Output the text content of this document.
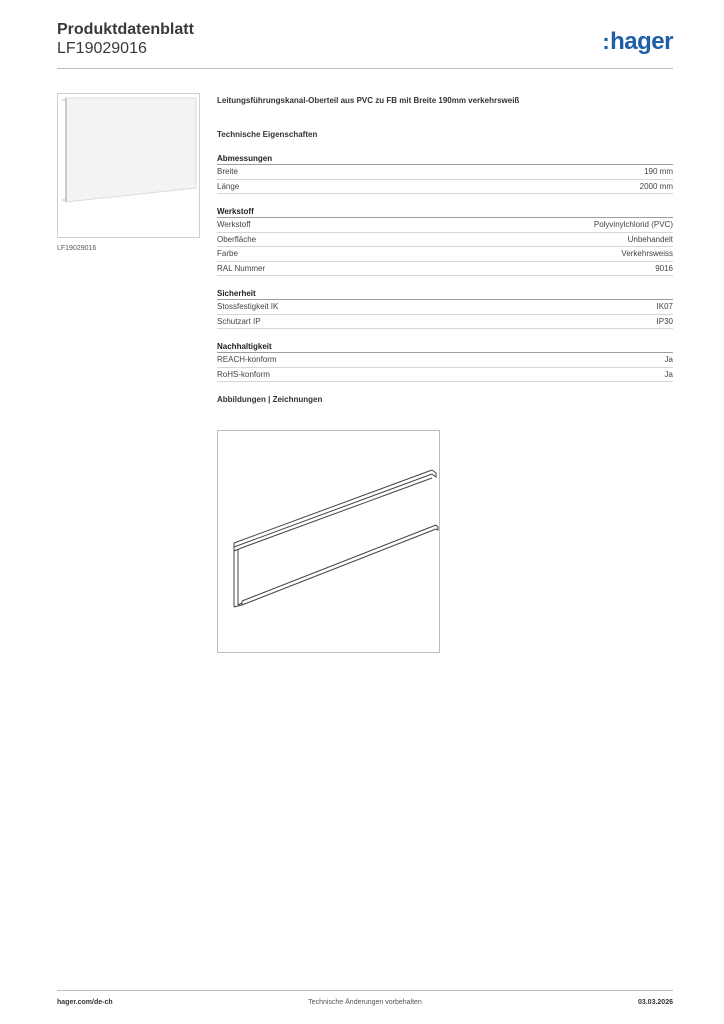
Produktdatenblatt
LF19029016	:hager
LF19029016
Leitungsführungskanal-Oberteil aus PVC zu FB mit Breite 190mm verkehrsweiß
Technische Eigenschaften
Abmessungen
Breite	190 mm
Länge	2000 mm
Werkstoff
Werkstoff	Polyvinylchlorid (PVC)
Oberfläche	Unbehandelt
Farbe	Verkehrsweiss
RAL Nummer	9016
Sicherheit
Stossfestigkeit IK	IK07
Schutzart IP	IP30
Nachhaltigkeit
REACH-konform	Ja
RoHS-konform	Ja
Abbildungen | Zeichnungen
hager.com/de-ch	Technische Änderungen vorbehalten	03.03.2026
